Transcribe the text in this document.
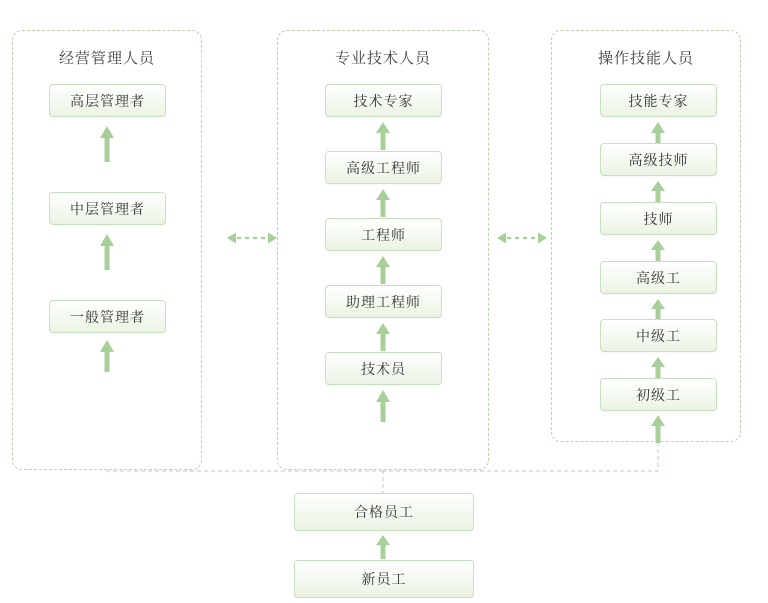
经营管理人员	专业技术人员	操作技能人员
高层管理者
中层管理者
一般管理者
技术专家
高级工程师
工程师
助理工程师
技术员
技能专家
高级技师
技师
高级工
中级工
初级工
合格员工
新员工
